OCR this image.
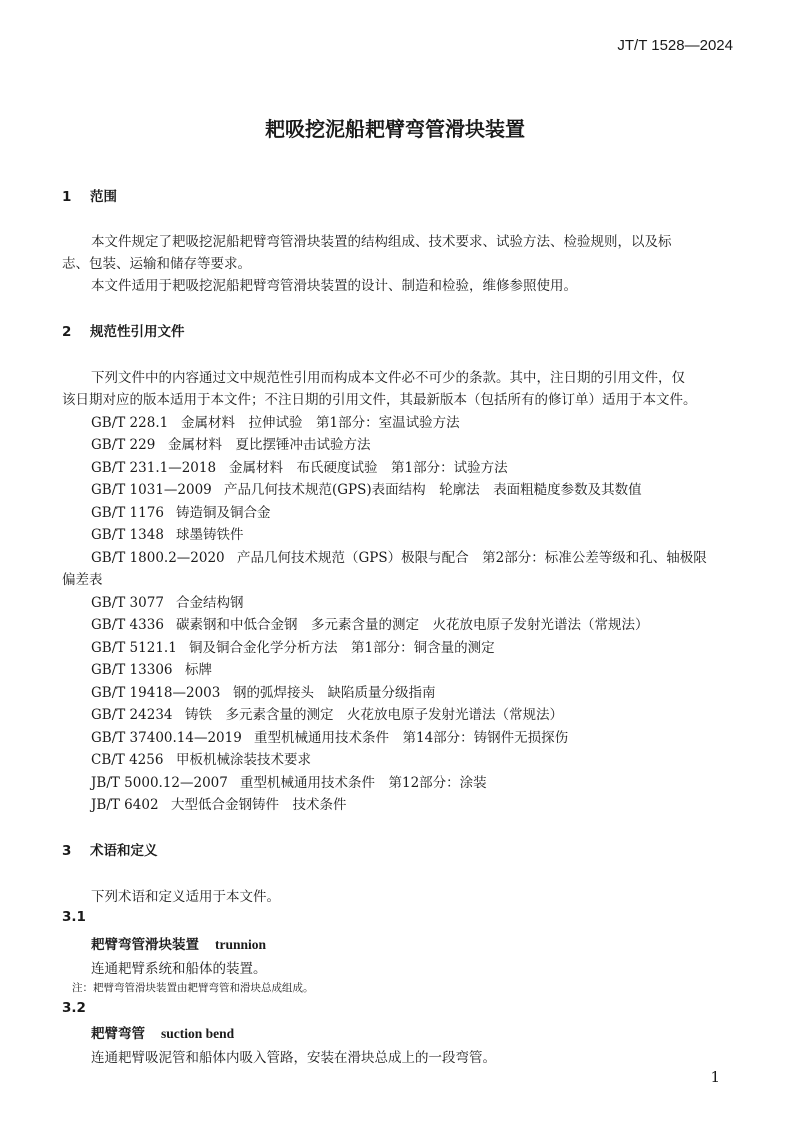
JT/T 1528—2024
耙吸挖泥船耙臂弯管滑块装置
1 范围
本文件规定了耙吸挖泥船耙臂弯管滑块装置的结构组成、技术要求、试验方法、检验规则，以及标
志、包装、运输和储存等要求。
本文件适用于耙吸挖泥船耙臂弯管滑块装置的设计、制造和检验，维修参照使用。
2 规范性引用文件
下列文件中的内容通过文中规范性引用而构成本文件必不可少的条款。其中，注日期的引用文件，仅
该日期对应的版本适用于本文件；不注日期的引用文件，其最新版本（包括所有的修订单）适用于本文件。
GB/T 228.1 金属材料　拉伸试验　第1部分：室温试验方法
GB/T 229 金属材料　夏比摆锤冲击试验方法
GB/T 231.1—2018 金属材料　布氏硬度试验　第1部分：试验方法
GB/T 1031—2009 产品几何技术规范(GPS)表面结构　轮廓法　表面粗糙度参数及其数值
GB/T 1176 铸造铜及铜合金
GB/T 1348 球墨铸铁件
GB/T 1800.2—2020 产品几何技术规范（GPS）极限与配合　第2部分：标准公差等级和孔、轴极限
偏差表
GB/T 3077 合金结构钢
GB/T 4336 碳素钢和中低合金钢　多元素含量的测定　火花放电原子发射光谱法（常规法）
GB/T 5121.1 铜及铜合金化学分析方法　第1部分：铜含量的测定
GB/T 13306 标牌
GB/T 19418—2003 钢的弧焊接头　缺陷质量分级指南
GB/T 24234 铸铁　多元素含量的测定　火花放电原子发射光谱法（常规法）
GB/T 37400.14—2019 重型机械通用技术条件　第14部分：铸钢件无损探伤
CB/T 4256 甲板机械涂装技术要求
JB/T 5000.12—2007 重型机械通用技术条件　第12部分：涂装
JB/T 6402 大型低合金钢铸件　技术条件
3 术语和定义
下列术语和定义适用于本文件。
3.1
耙臂弯管滑块装置 trunnion
连通耙臂系统和船体的装置。
注：耙臂弯管滑块装置由耙臂弯管和滑块总成组成。
3.2
耙臂弯管 suction bend
连通耙臂吸泥管和船体内吸入管路，安装在滑块总成上的一段弯管。
1
